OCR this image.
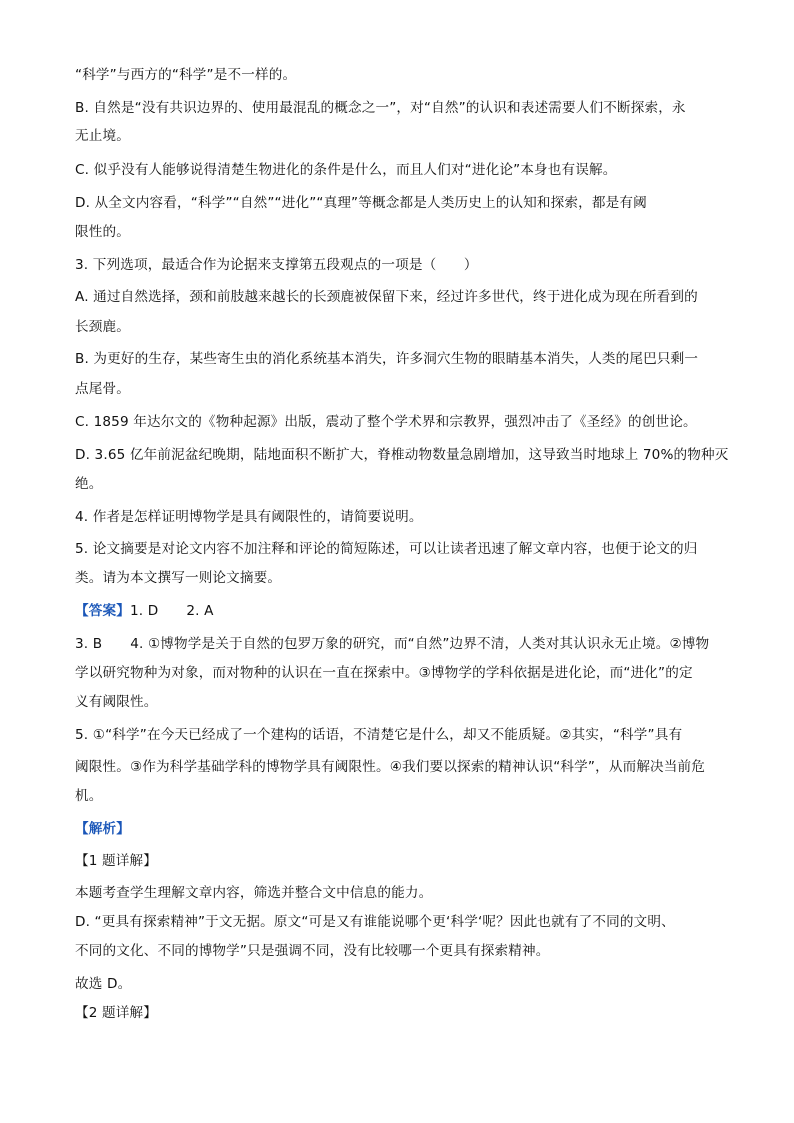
“科学”与西方的“科学”是不一样的。
B. 自然是“没有共识边界的、使用最混乱的概念之一”，对“自然”的认识和表述需要人们不断探索，永
无止境。
C. 似乎没有人能够说得清楚生物进化的条件是什么，而且人们对“进化论”本身也有误解。
D. 从全文内容看，“科学”“自然”“进化”“真理”等概念都是人类历史上的认知和探索，都是有阈
限性的。
3. 下列选项，最适合作为论据来支撑第五段观点的一项是（　　）
A. 通过自然选择，颈和前肢越来越长的长颈鹿被保留下来，经过许多世代，终于进化成为现在所看到的
长颈鹿。
B. 为更好的生存，某些寄生虫的消化系统基本消失，许多洞穴生物的眼睛基本消失，人类的尾巴只剩一
点尾骨。
C. 1859 年达尔文的《物种起源》出版，震动了整个学术界和宗教界，强烈冲击了《圣经》的创世论。
D. 3.65 亿年前泥盆纪晚期，陆地面积不断扩大，脊椎动物数量急剧增加，这导致当时地球上 70%的物种灭
绝。
4. 作者是怎样证明博物学是具有阈限性的，请简要说明。
5. 论文摘要是对论文内容不加注释和评论的简短陈述，可以让读者迅速了解文章内容，也便于论文的归
类。请为本文撰写一则论文摘要。
【答案】1. D 2. A
3. B 4. ①博物学是关于自然的包罗万象的研究，而“自然”边界不清，人类对其认识永无止境。②博物
学以研究物种为对象，而对物种的认识在一直在探索中。③博物学的学科依据是进化论，而“进化”的定
义有阈限性。
5. ①“科学”在今天已经成了一个建构的话语，不清楚它是什么，却又不能质疑。②其实，“科学”具有
阈限性。③作为科学基础学科的博物学具有阈限性。④我们要以探索的精神认识“科学”，从而解决当前危
机。
【解析】
【1 题详解】
本题考查学生理解文章内容，筛选并整合文中信息的能力。
D. “更具有探索精神”于文无据。原文“可是又有谁能说哪个更‘科学‘呢？因此也就有了不同的文明、
不同的文化、不同的博物学”只是强调不同，没有比较哪一个更具有探索精神。
故选 D。
【2 题详解】
